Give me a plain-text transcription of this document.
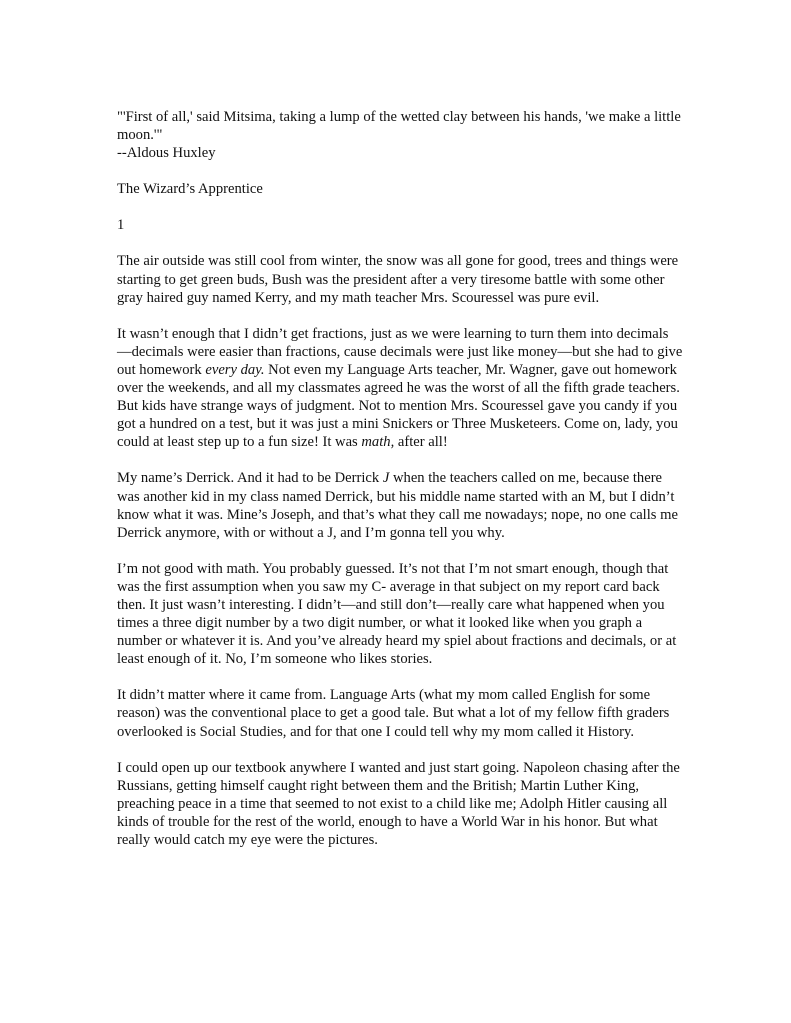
"'First of all,' said Mitsima, taking a lump of the wetted clay between his hands, 'we make a little moon.'"
--Aldous Huxley
The Wizard’s Apprentice
1

The air outside was still cool from winter, the snow was all gone for good, trees and things were starting to get green buds, Bush was the president after a very tiresome battle with some other gray haired guy named Kerry, and my math teacher Mrs. Scouressel was pure evil.

It wasn’t enough that I didn’t get fractions, just as we were learning to turn them into decimals—decimals were easier than fractions, cause decimals were just like money—but she had to give out homework every day. Not even my Language Arts teacher, Mr. Wagner, gave out homework over the weekends, and all my classmates agreed he was the worst of all the fifth grade teachers. But kids have strange ways of judgment. Not to mention Mrs. Scouressel gave you candy if you got a hundred on a test, but it was just a mini Snickers or Three Musketeers. Come on, lady, you could at least step up to a fun size! It was math, after all!

My name’s Derrick. And it had to be Derrick J when the teachers called on me, because there was another kid in my class named Derrick, but his middle name started with an M, but I didn’t know what it was. Mine’s Joseph, and that’s what they call me nowadays; nope, no one calls me Derrick anymore, with or without a J, and I’m gonna tell you why.

I’m not good with math. You probably guessed. It’s not that I’m not smart enough, though that was the first assumption when you saw my C- average in that subject on my report card back then. It just wasn’t interesting. I didn’t—and still don’t—really care what happened when you times a three digit number by a two digit number, or what it looked like when you graph a number or whatever it is. And you’ve already heard my spiel about fractions and decimals, or at least enough of it. No, I’m someone who likes stories.

It didn’t matter where it came from. Language Arts (what my mom called English for some reason) was the conventional place to get a good tale. But what a lot of my fellow fifth graders overlooked is Social Studies, and for that one I could tell why my mom called it History.

I could open up our textbook anywhere I wanted and just start going. Napoleon chasing after the Russians, getting himself caught right between them and the British; Martin Luther King, preaching peace in a time that seemed to not exist to a child like me; Adolph Hitler causing all kinds of trouble for the rest of the world, enough to have a World War in his honor. But what really would catch my eye were the pictures.
